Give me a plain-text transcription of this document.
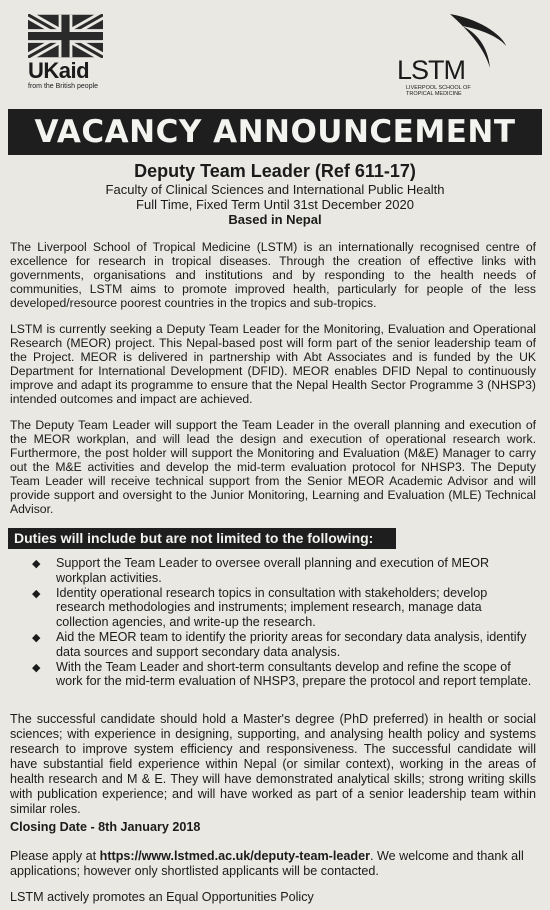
UKaid
from the British people
LSTM
LIVERPOOL SCHOOL OF TROPICAL MEDICINE
VACANCY ANNOUNCEMENT
Deputy Team Leader (Ref 611-17)
Faculty of Clinical Sciences and International Public Health
Full Time, Fixed Term Until 31st December 2020
Based in Nepal
The Liverpool School of Tropical Medicine (LSTM) is an internationally recognised centre of excellence for research in tropical diseases. Through the creation of effective links with governments, organisations and institutions and by responding to the health needs of communities, LSTM aims to promote improved health, particularly for people of the less developed/resource poorest countries in the tropics and sub-tropics.
LSTM is currently seeking a Deputy Team Leader for the Monitoring, Evaluation and Operational Research (MEOR) project. This Nepal-based post will form part of the senior leadership team of the Project. MEOR is delivered in partnership with Abt Associates and is funded by the UK Department for International Development (DFID). MEOR enables DFID Nepal to continuously improve and adapt its programme to ensure that the Nepal Health Sector Programme 3 (NHSP3) intended outcomes and impact are achieved.
The Deputy Team Leader will support the Team Leader in the overall planning and execution of the MEOR workplan, and will lead the design and execution of operational research work. Furthermore, the post holder will support the Monitoring and Evaluation (M&E) Manager to carry out the M&E activities and develop the mid-term evaluation protocol for NHSP3. The Deputy Team Leader will receive technical support from the Senior MEOR Academic Advisor and will provide support and oversight to the Junior Monitoring, Learning and Evaluation (MLE) Technical Advisor.
Duties will include but are not limited to the following:
◆ Support the Team Leader to oversee overall planning and execution of MEOR workplan activities.
◆ Identity operational research topics in consultation with stakeholders; develop research methodologies and instruments; implement research, manage data collection agencies, and write-up the research.
◆ Aid the MEOR team to identify the priority areas for secondary data analysis, identify data sources and support secondary data analysis.
◆ With the Team Leader and short-term consultants develop and refine the scope of work for the mid-term evaluation of NHSP3, prepare the protocol and report template.
The successful candidate should hold a Master's degree (PhD preferred) in health or social sciences; with experience in designing, supporting, and analysing health policy and systems research to improve system efficiency and responsiveness. The successful candidate will have substantial field experience within Nepal (or similar context), working in the areas of health research and M & E. They will have demonstrated analytical skills; strong writing skills with publication experience; and will have worked as part of a senior leadership team within similar roles.
Closing Date - 8th January 2018
Please apply at https://www.lstmed.ac.uk/deputy-team-leader. We welcome and thank all applications; however only shortlisted applicants will be contacted.
LSTM actively promotes an Equal Opportunities Policy
